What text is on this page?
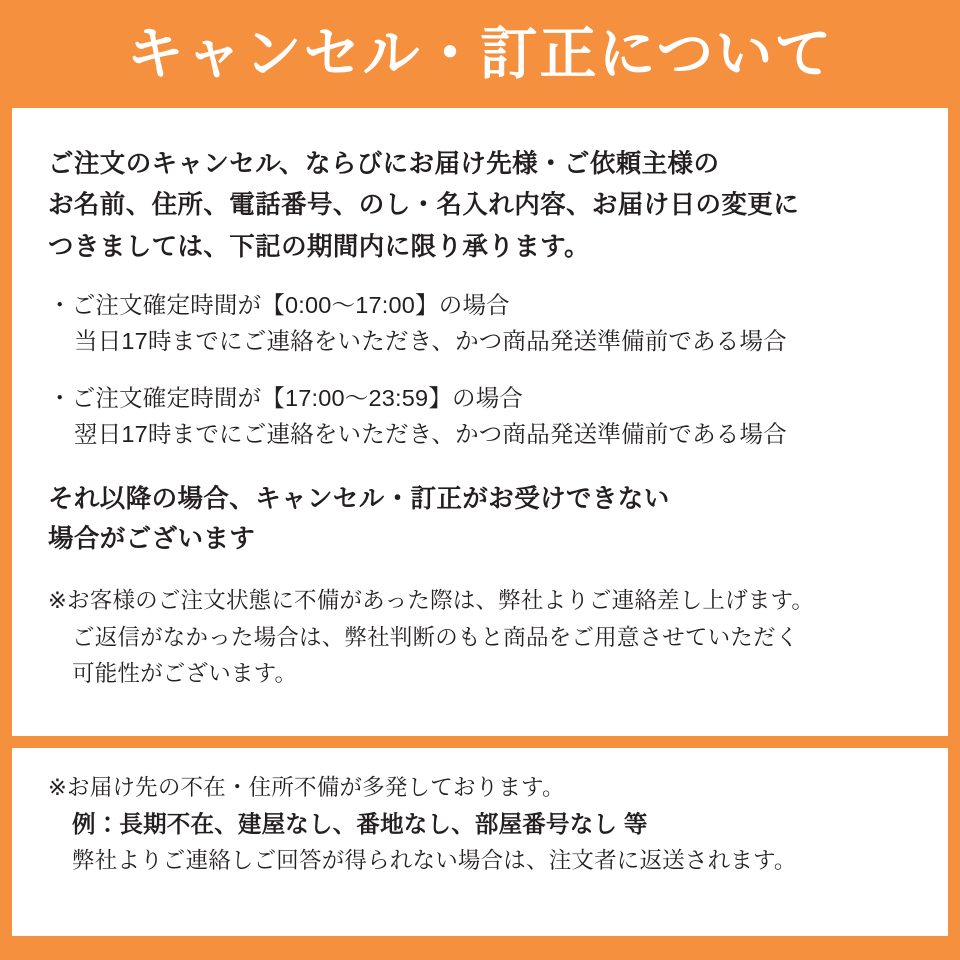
キャンセル・訂正について
ご注文のキャンセル、ならびにお届け先様・ご依頼主様の
お名前、住所、電話番号、のし・名入れ内容、お届け日の変更に
つきましては、下記の期間内に限り承ります。
・ご注文確定時間が【0:00〜17:00】の場合
当日17時までにご連絡をいただき、かつ商品発送準備前である場合
・ご注文確定時間が【17:00〜23:59】の場合
翌日17時までにご連絡をいただき、かつ商品発送準備前である場合
それ以降の場合、キャンセル・訂正がお受けできない
場合がございます
※お客様のご注文状態に不備があった際は、弊社よりご連絡差し上げます。
ご返信がなかった場合は、弊社判断のもと商品をご用意させていただく
可能性がございます。
※お届け先の不在・住所不備が多発しております。
例：長期不在、建屋なし、番地なし、部屋番号なし 等
弊社よりご連絡しご回答が得られない場合は、注文者に返送されます。
